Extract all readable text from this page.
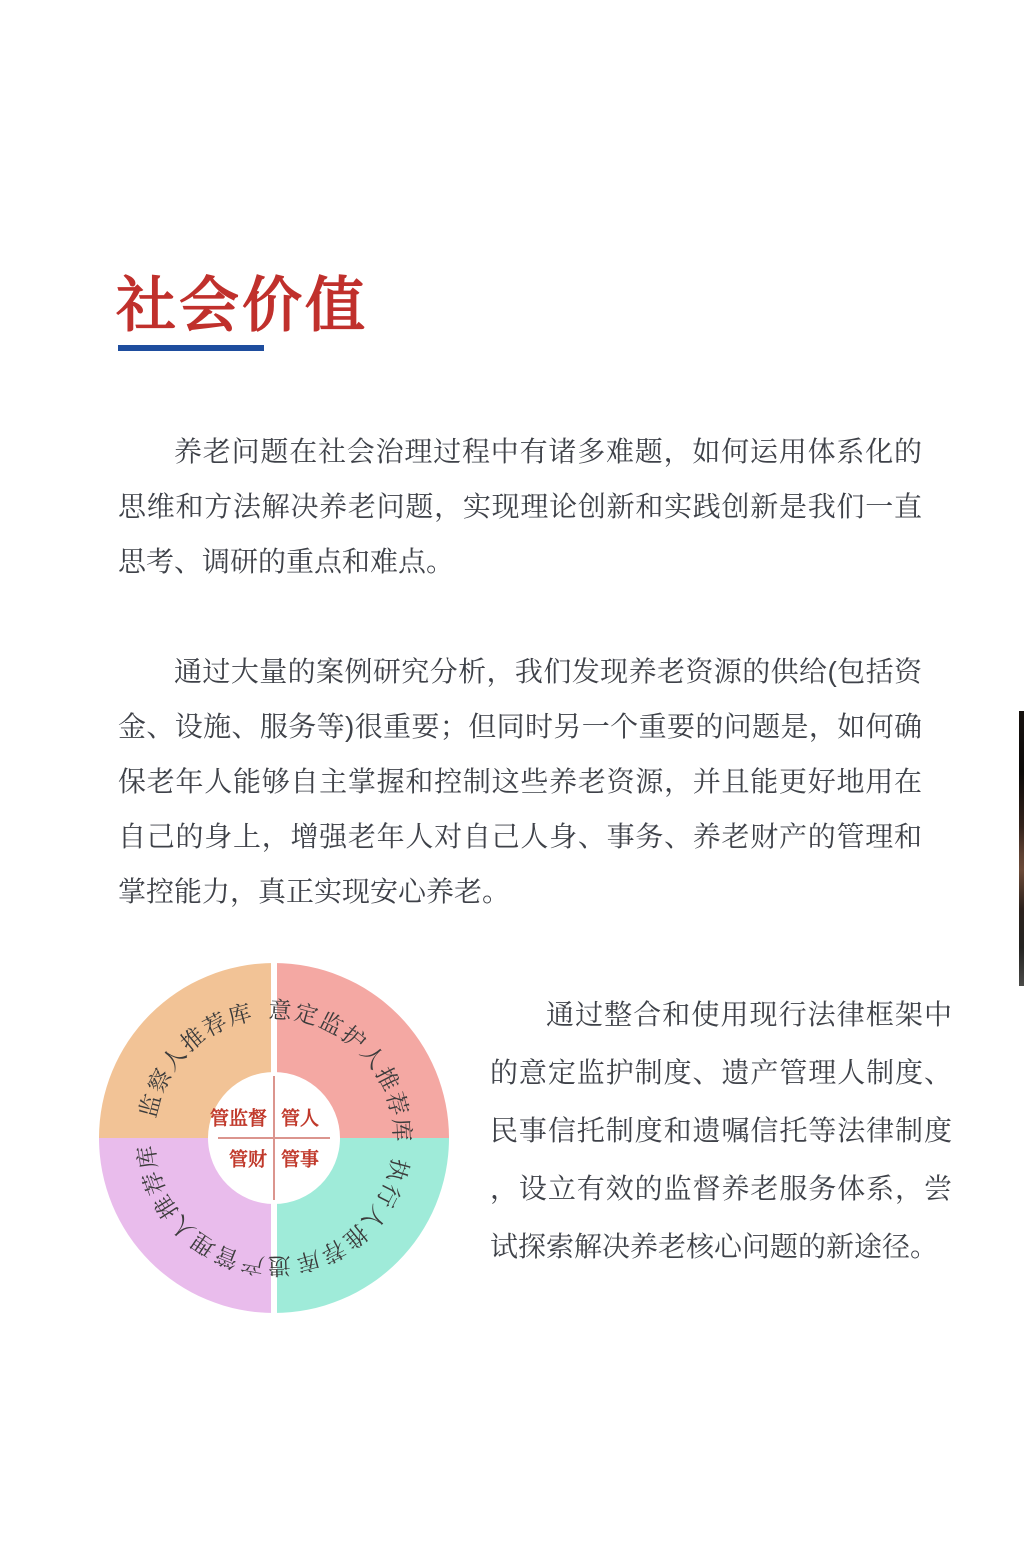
社会价值

养老问题在社会治理过程中有诸多难题，如何运用体系化的思维和方法解决养老问题，实现理论创新和实践创新是我们一直思考、调研的重点和难点。

通过大量的案例研究分析，我们发现养老资源的供给(包括资金、设施、服务等)很重要；但同时另一个重要的问题是，如何确保老年人能够自主掌握和控制这些养老资源，并且能更好地用在自己的身上，增强老年人对自己人身、事务、养老财产的管理和掌控能力，真正实现安心养老。

监察人推荐库 意定监护人推荐库
执行人推荐库
遗产管理人推荐库
管监督 管人
管财 管事

通过整合和使用现行法律框架中的意定监护制度、遗产管理人制度、民事信托制度和遗嘱信托等法律制度，设立有效的监督养老服务体系，尝试探索解决养老核心问题的新途径。
